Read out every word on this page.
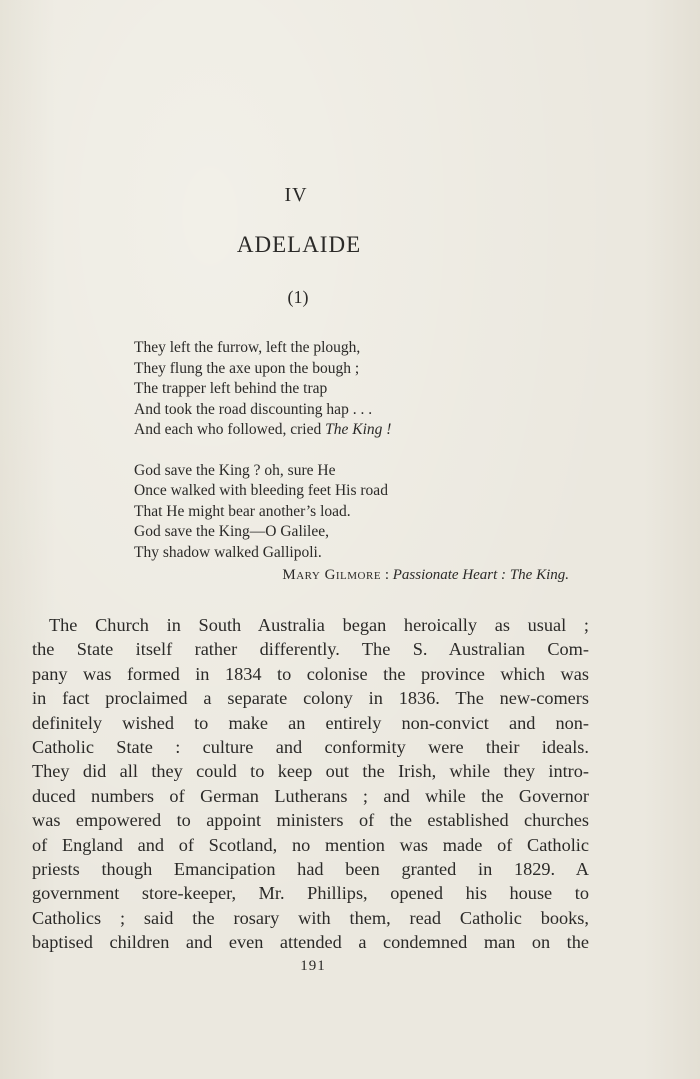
IV
ADELAIDE
(1)
They left the furrow, left the plough,
They flung the axe upon the bough ;
The trapper left behind the trap
And took the road discounting hap . . .
And each who followed, cried The King !
God save the King ? oh, sure He
Once walked with bleeding feet His road
That He might bear another’s load.
God save the King—O Galilee,
Thy shadow walked Gallipoli.
Mary Gilmore : Passionate Heart : The King.
The Church in South Australia began heroically as usual ;
the State itself rather differently. The S. Australian Com-
pany was formed in 1834 to colonise the province which was
in fact proclaimed a separate colony in 1836. The new-comers
definitely wished to make an entirely non-convict and non-
Catholic State : culture and conformity were their ideals.
They did all they could to keep out the Irish, while they intro-
duced numbers of German Lutherans ; and while the Governor
was empowered to appoint ministers of the established churches
of England and of Scotland, no mention was made of Catholic
priests though Emancipation had been granted in 1829. A
government store-keeper, Mr. Phillips, opened his house to
Catholics ; said the rosary with them, read Catholic books,
baptised children and even attended a condemned man on the
191
